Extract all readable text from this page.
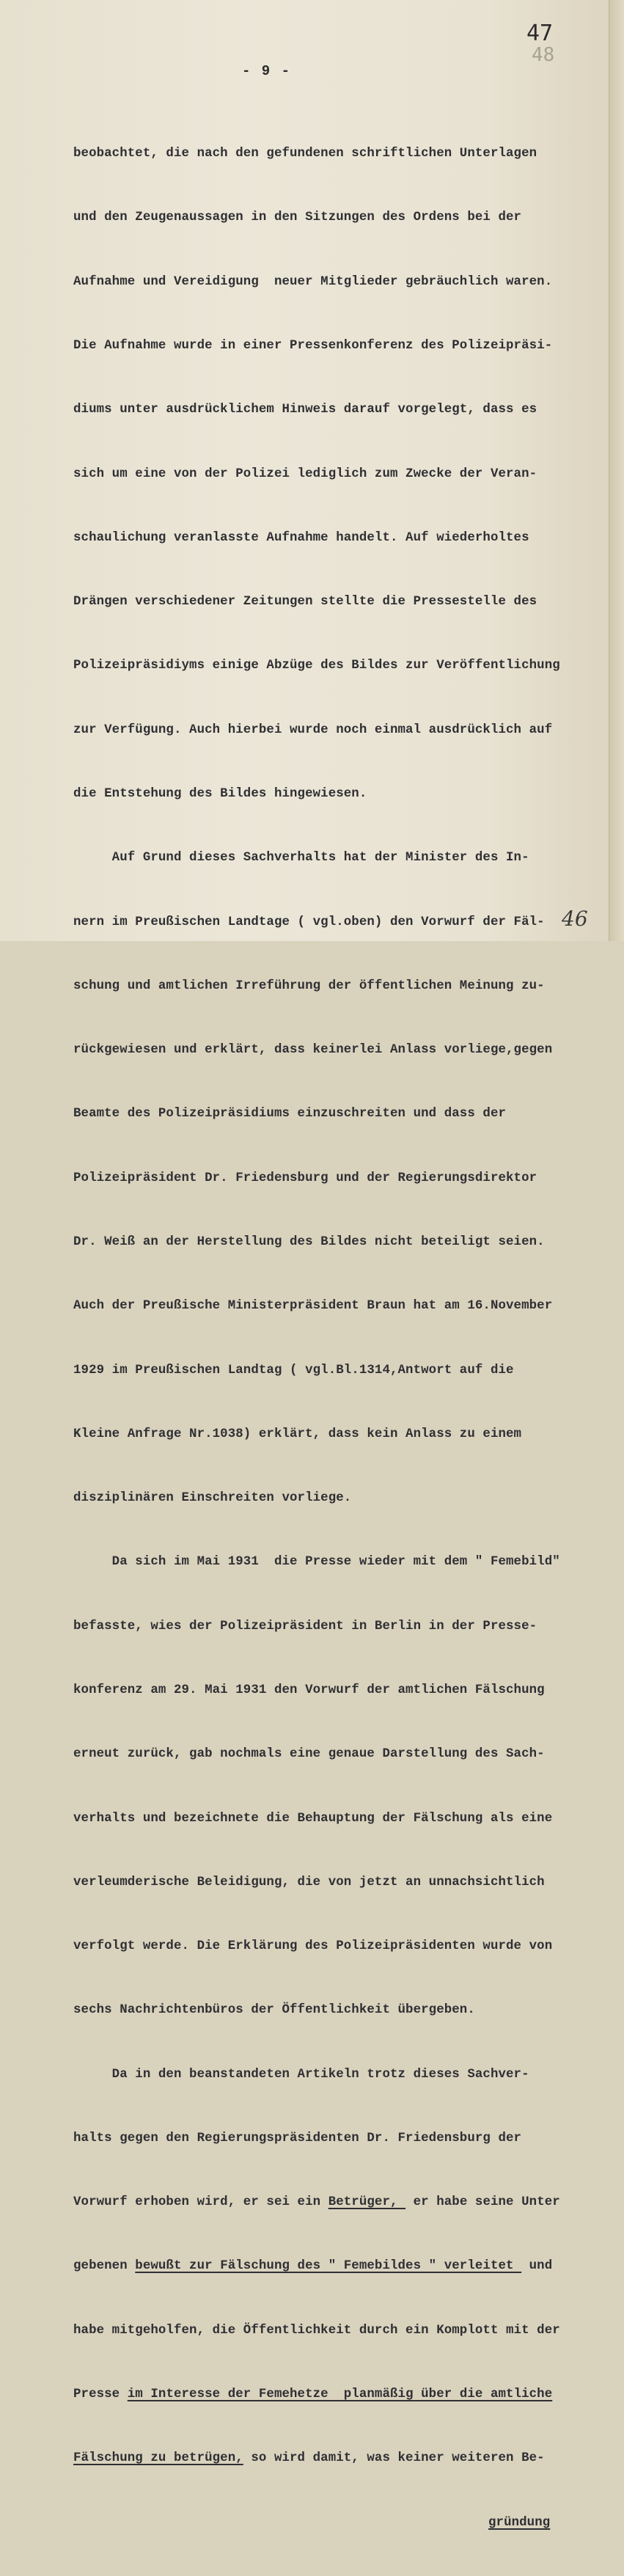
47
48
- 9 -

beobachtet, die nach den gefundenen schriftlichen Unterlagen

und den Zeugenaussagen in den Sitzungen des Ordens bei der

Aufnahme und Vereidigung  neuer Mitglieder gebräuchlich waren.

Die Aufnahme wurde in einer Pressenkonferenz des Polizeipräsi-

diums unter ausdrücklichem Hinweis darauf vorgelegt, dass es

sich um eine von der Polizei lediglich zum Zwecke der Veran-

schaulichung veranlasste Aufnahme handelt. Auf wiederholtes

Drängen verschiedener Zeitungen stellte die Pressestelle des

Polizeipräsidiyms einige Abzüge des Bildes zur Veröffentlichung

zur Verfügung. Auch hierbei wurde noch einmal ausdrücklich auf

die Entstehung des Bildes hingewiesen.

Auf Grund dieses Sachverhalts hat der Minister des In-

nern im Preußischen Landtage ( vgl.oben) den Vorwurf der Fäl-

schung und amtlichen Irreführung der öffentlichen Meinung zu-

rückgewiesen und erklärt, dass keinerlei Anlass vorliege,gegen

Beamte des Polizeipräsidiums einzuschreiten und dass der

Polizeipräsident Dr. Friedensburg und der Regierungsdirektor

Dr. Weiß an der Herstellung des Bildes nicht beteiligt seien.

Auch der Preußische Ministerpräsident Braun hat am 16.November

1929 im Preußischen Landtag ( vgl.Bl.1314,Antwort auf die

Kleine Anfrage Nr.1038) erklärt, dass kein Anlass zu einem

disziplinären Einschreiten vorliege.

Da sich im Mai 1931  die Presse wieder mit dem " Femebild"

befasste, wies der Polizeipräsident in Berlin in der Presse-

konferenz am 29. Mai 1931 den Vorwurf der amtlichen Fälschung

erneut zurück, gab nochmals eine genaue Darstellung des Sach-

verhalts und bezeichnete die Behauptung der Fälschung als eine

verleumderische Beleidigung, die von jetzt an unnachsichtlich

verfolgt werde. Die Erklärung des Polizeipräsidenten wurde von

sechs Nachrichtenbüros der Öffentlichkeit übergeben.

Da in den beanstandeten Artikeln trotz dieses Sachver-

halts gegen den Regierungspräsidenten Dr. Friedensburg der

Vorwurf erhoben wird, er sei ein Betrüger,  er habe seine Unter

gebenen bewußt zur Fälschung des " Femebildes " verleitet  und

habe mitgeholfen, die Öffentlichkeit durch ein Komplott mit der

Presse im Interesse der Femehetze  planmäßig über die amtliche

Fälschung zu betrügen, so wird damit, was keiner weiteren Be-

gründung

46
